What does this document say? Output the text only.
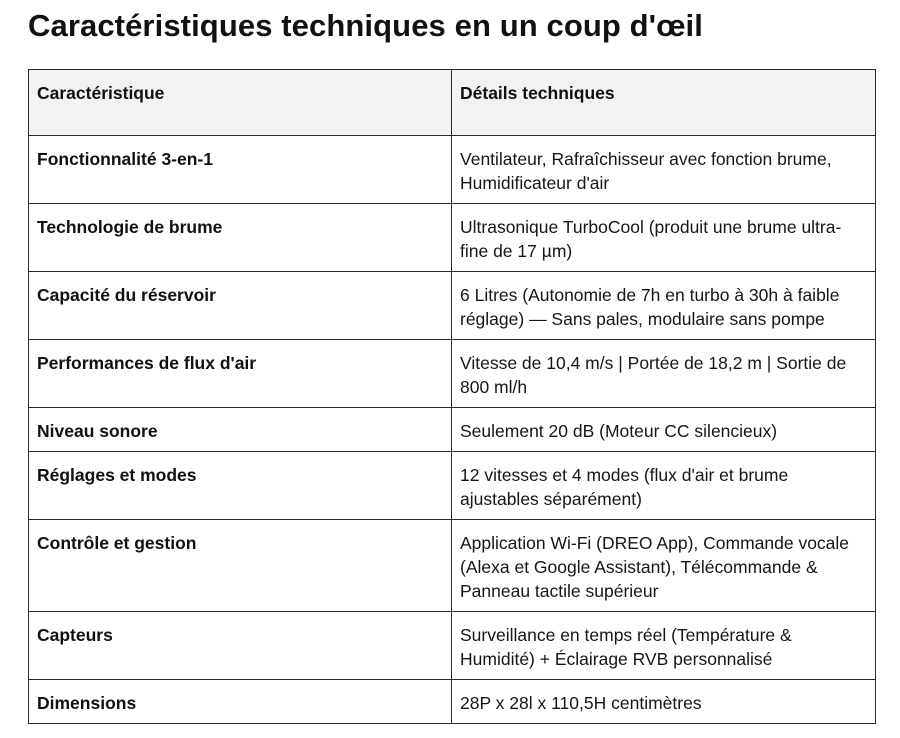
Caractéristiques techniques en un coup d'œil
Caractéristique	Détails techniques
Fonctionnalité 3-en-1	Ventilateur, Rafraîchisseur avec fonction brume, Humidificateur d'air
Technologie de brume	Ultrasonique TurboCool (produit une brume ultra-fine de 17 µm)
Capacité du réservoir	6 Litres (Autonomie de 7h en turbo à 30h à faible réglage) — Sans pales, modulaire sans pompe
Performances de flux d'air	Vitesse de 10,4 m/s | Portée de 18,2 m | Sortie de 800 ml/h
Niveau sonore	Seulement 20 dB (Moteur CC silencieux)
Réglages et modes	12 vitesses et 4 modes (flux d'air et brume ajustables séparément)
Contrôle et gestion	Application Wi-Fi (DREO App), Commande vocale (Alexa et Google Assistant), Télécommande & Panneau tactile supérieur
Capteurs	Surveillance en temps réel (Température & Humidité) + Éclairage RVB personnalisé
Dimensions	28P x 28l x 110,5H centimètres
